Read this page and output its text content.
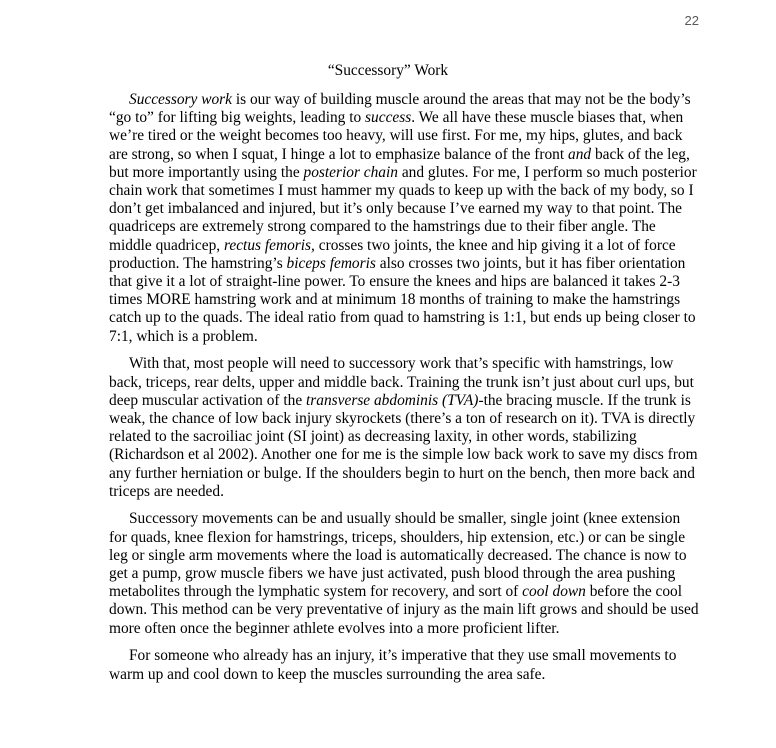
22
“Successory” Work

Successory work is our way of building muscle around the areas that may not be the body’s “go to” for lifting big weights, leading to success. We all have these muscle biases that, when we’re tired or the weight becomes too heavy, will use first. For me, my hips, glutes, and back are strong, so when I squat, I hinge a lot to emphasize balance of the front and back of the leg, but more importantly using the posterior chain and glutes. For me, I perform so much posterior chain work that sometimes I must hammer my quads to keep up with the back of my body, so I don’t get imbalanced and injured, but it’s only because I’ve earned my way to that point. The quadriceps are extremely strong compared to the hamstrings due to their fiber angle. The middle quadricep, rectus femoris, crosses two joints, the knee and hip giving it a lot of force production. The hamstring’s biceps femoris also crosses two joints, but it has fiber orientation that give it a lot of straight-line power. To ensure the knees and hips are balanced it takes 2-3 times MORE hamstring work and at minimum 18 months of training to make the hamstrings catch up to the quads. The ideal ratio from quad to hamstring is 1:1, but ends up being closer to 7:1, which is a problem.

With that, most people will need to successory work that’s specific with hamstrings, low back, triceps, rear delts, upper and middle back. Training the trunk isn’t just about curl ups, but deep muscular activation of the transverse abdominis (TVA)-the bracing muscle. If the trunk is weak, the chance of low back injury skyrockets (there’s a ton of research on it). TVA is directly related to the sacroiliac joint (SI joint) as decreasing laxity, in other words, stabilizing (Richardson et al 2002). Another one for me is the simple low back work to save my discs from any further herniation or bulge. If the shoulders begin to hurt on the bench, then more back and triceps are needed.

Successory movements can be and usually should be smaller, single joint (knee extension for quads, knee flexion for hamstrings, triceps, shoulders, hip extension, etc.) or can be single leg or single arm movements where the load is automatically decreased. The chance is now to get a pump, grow muscle fibers we have just activated, push blood through the area pushing metabolites through the lymphatic system for recovery, and sort of cool down before the cool down. This method can be very preventative of injury as the main lift grows and should be used more often once the beginner athlete evolves into a more proficient lifter.

For someone who already has an injury, it’s imperative that they use small movements to warm up and cool down to keep the muscles surrounding the area safe.
